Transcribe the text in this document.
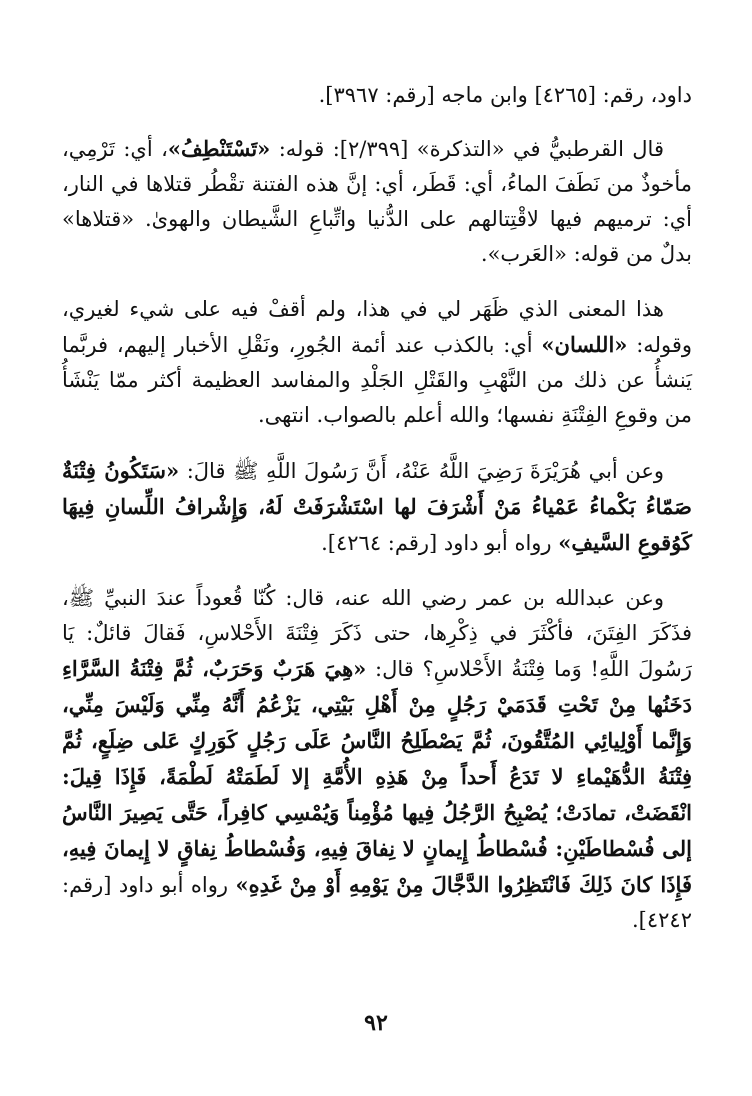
داود، رقم: [٤٢٦٥] وابن ماجه [رقم: ٣٩٦٧].

قال القرطبيُّ في «التذكرة» [٢/٣٩٩]: قوله: «تَسْتَنْطِفُ»، أي: تَرْمِي، مأخوذٌ من نَطَفَ الماءُ، أي: قَطَر، أي: إنَّ هذه الفتنة تقْطُر قتلاها في النار، أي: ترميهم فيها لاقْتِتالهم على الدُّنيا واتِّباعِ الشَّيطان والهوىٰ. «قتلاها» بدلٌ من قوله: «العَرب».

هذا المعنى الذي ظَهَر لي في هذا، ولم أقفْ فيه على شيء لغيري، وقوله: «اللسان» أي: بالكذب عند أئمة الجُورِ، ونَقْلِ الأخبار إليهم، فربَّما يَنشأُ عن ذلك من النَّهْبِ والقَتْلِ الجَلْدِ والمفاسد العظيمة أكثر ممّا يَنْشَأُ من وقوعِ الفِتْنَةِ نفسها؛ والله أعلم بالصواب. انتهى.

وعن أبي هُرَيْرَةَ رَضِيَ اللَّهُ عَنْهُ، أَنَّ رَسُولَ اللَّهِ ﷺ قالَ: «سَتَكُونُ فِتْنَةٌ صَمّاءُ بَكْماءُ عَمْياءُ مَنْ أَشْرَفَ لها اسْتَشْرَفَتْ لَهُ، وَإِشْرافُ اللِّسانِ فِيهَا كَوُقوعِ السَّيفِ» رواه أبو داود [رقم: ٤٢٦٤].

وعن عبدالله بن عمر رضي الله عنه، قال: كُنّا قُعوداً عندَ النبيِّ ﷺ، فذَكَرَ الفِتَنَ، فأكْثَرَ في ذِكْرِها، حتى ذَكَرَ فِتْنَةَ الأَحْلاسِ، فَقالَ قائلٌ: يَا رَسُولَ اللَّهِ! وَما فِتْنَةُ الأَحْلاسِ؟ قال: «هِيَ هَرَبٌ وَحَرَبٌ، ثُمَّ فِتْنَةُ السَّرَّاءِ دَخَنُها مِنْ تَحْتِ قَدَمَيْ رَجُلٍ مِنْ أَهْلِ بَيْتِي، يَزْعُمُ أَنَّهُ مِنِّي وَلَيْسَ مِنِّي، وَإِنَّما أَوْلِيائِي المُتَّقُونَ، ثُمَّ يَصْطَلِحُ النَّاسُ عَلَى رَجُلٍ كَوَرِكٍ عَلى ضِلَعٍ، ثُمَّ فِتْنَةُ الدُّهَيْماءِ لا تَدَعُ أَحداً مِنْ هَذِهِ الأُمَّةِ إلا لَطَمَتْهُ لَطْمَةً، فَإِذَا قِيلَ: انْقَضَتْ، تمادَتْ؛ يُصْبِحُ الرَّجُلُ فِيها مُؤْمِناً وَيُمْسِي كافِراً، حَتَّى يَصِيرَ النَّاسُ إلى فُسْطاطَيْنِ: فُسْطاطُ إِيمانٍ لا نِفاقَ فِيهِ، وَفُسْطاطُ نِفاقٍ لا إِيمانَ فِيهِ، فَإِذَا كانَ ذَلِكَ فَانْتَظِرُوا الدَّجَّالَ مِنْ يَوْمِهِ أَوْ مِنْ غَدِهِ» رواه أبو داود [رقم: ٤٢٤٢].

٩٢
